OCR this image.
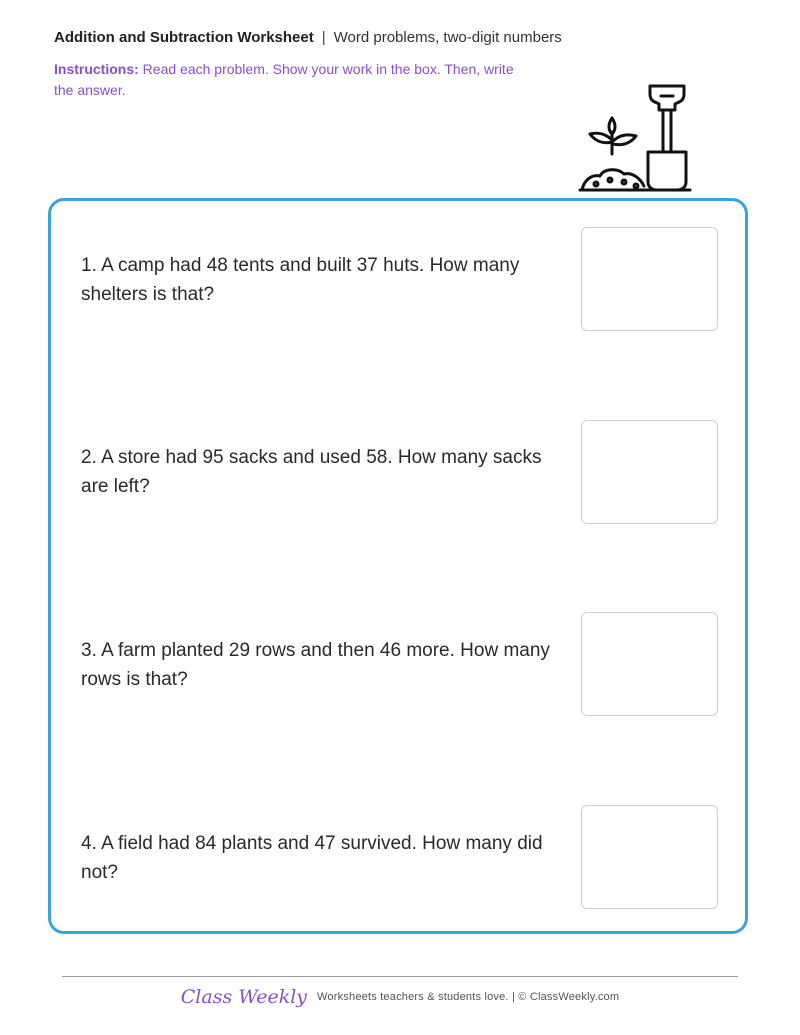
Addition and Subtraction Worksheet | Word problems, two-digit numbers
Instructions: Read each problem. Show your work in the box. Then, write the answer.
1. A camp had 48 tents and built 37 huts. How many shelters is that?
2. A store had 95 sacks and used 58. How many sacks are left?
3. A farm planted 29 rows and then 46 more. How many rows is that?
4. A field had 84 plants and 47 survived. How many did not?
Class Weekly Worksheets teachers & students love. | © ClassWeekly.com
